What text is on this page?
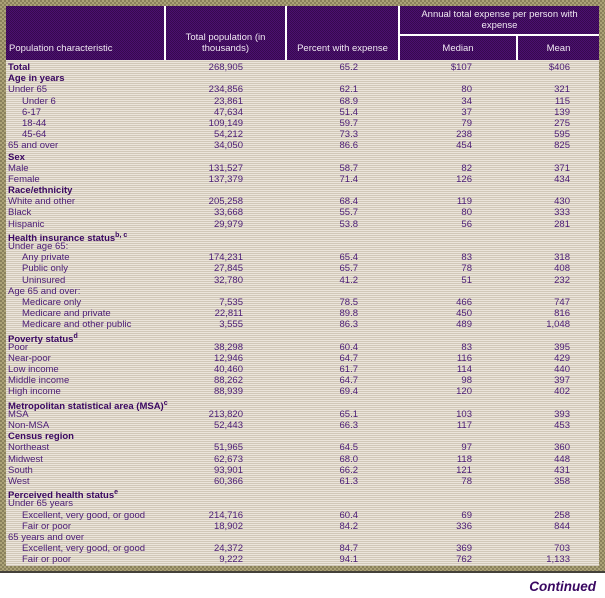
Population characteristic
Total population (in thousands)	Percent with expense
Annual total expense per person with expense
Median	Mean
Total	268,905	65.2	$107	$406
Age in years
Under 65	234,856	62.1	80	321
Under 6	23,861	68.9	34	115
6-17	47,634	51.4	37	139
18-44	109,149	59.7	79	275
45-64	54,212	73.3	238	595
65 and over	34,050	86.6	454	825
Sex
Male	131,527	58.7	82	371
Female	137,379	71.4	126	434
Race/ethnicity
White and other	205,258	68.4	119	430
Black	33,668	55.7	80	333
Hispanic	29,979	53.8	56	281
Health insurance status$^{b, c}$
Under age 65:
Any private	174,231	65.4	83	318
Public only	27,845	65.7	78	408
Uninsured	32,780	41.2	51	232
Age 65 and over:
Medicare only	7,535	78.5	466	747
Medicare and private	22,811	89.8	450	816
Medicare and other public	3,555	86.3	489	1,048
Poverty status$^d$
Poor	38,298	60.4	83	395
Near-poor	12,946	64.7	116	429
Low income	40,460	61.7	114	440
Middle income	88,262	64.7	98	397
High income	88,939	69.4	120	402
Metropolitan statistical area (MSA)$^c$
MSA	213,820	65.1	103	393
Non-MSA	52,443	66.3	117	453
Census region
Northeast	51,965	64.5	97	360
Midwest	62,673	68.0	118	448
South	93,901	66.2	121	431
West	60,366	61.3	78	358
Perceived health status$^e$
Under 65 years
Excellent, very good, or good	214,716	60.4	69	258
Fair or poor	18,902	84.2	336	844
65 years and over
Excellent, very good, or good	24,372	84.7	369	703
Fair or poor	9,222	94.1	762	1,133
Continued
